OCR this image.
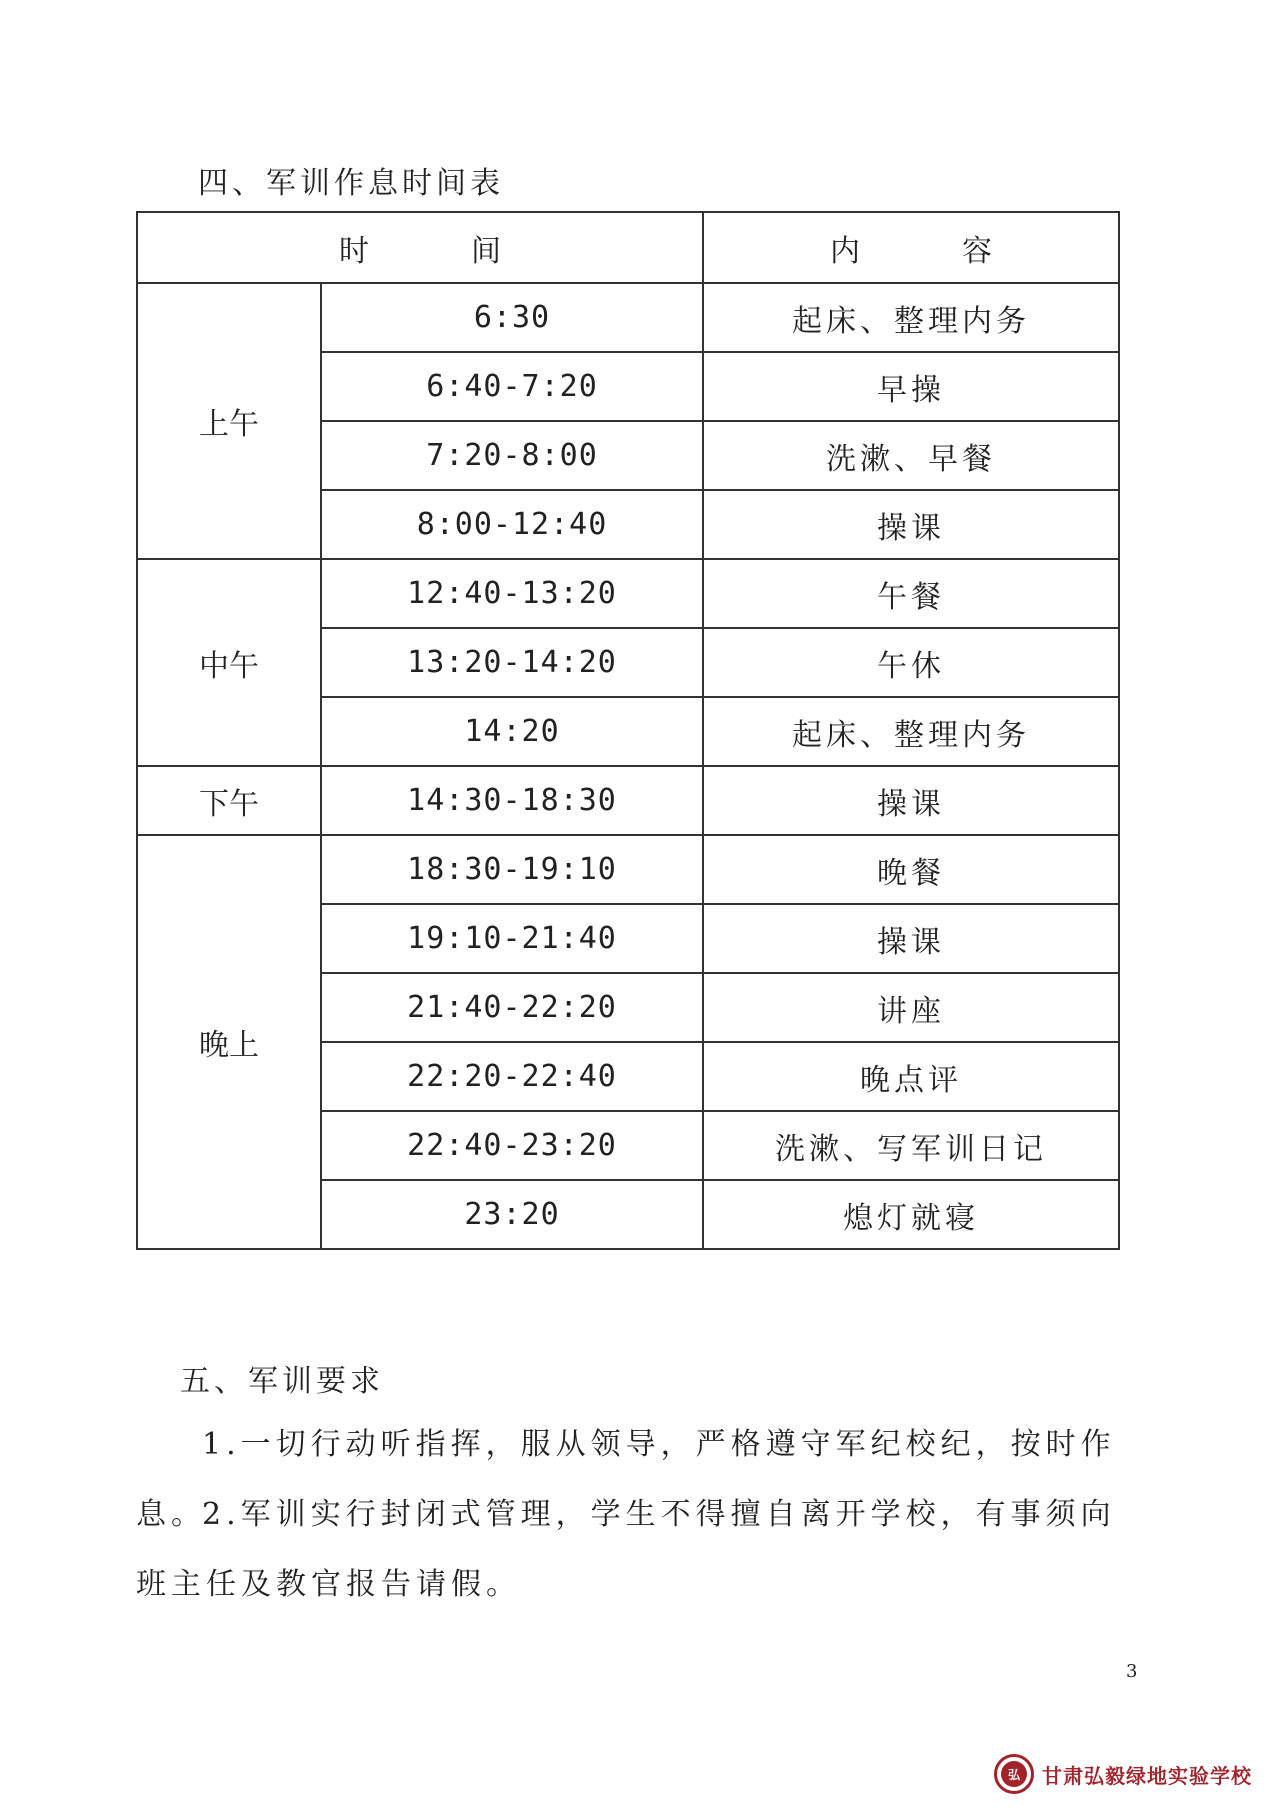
四、军训作息时间表
时　间		内　容
上午	6:30	起床、整理内务
	6:40-7:20	早操
	7:20-8:00	洗漱、早餐
	8:00-12:40	操课
中午	12:40-13:20	午餐
	13:20-14:20	午休
	14:20	起床、整理内务
下午	14:30-18:30	操课
晚上	18:30-19:10	晚餐
	19:10-21:40	操课
	21:40-22:20	讲座
	22:20-22:40	晚点评
	22:40-23:20	洗漱、写军训日记
	23:20	熄灯就寝
五、军训要求
1.一切行动听指挥，服从领导，严格遵守军纪校纪，按时作息。
2.军训实行封闭式管理，学生不得擅自离开学校，有事须向班主任及教官报告请假。
3
弘	甘肃弘毅绿地实验学校
